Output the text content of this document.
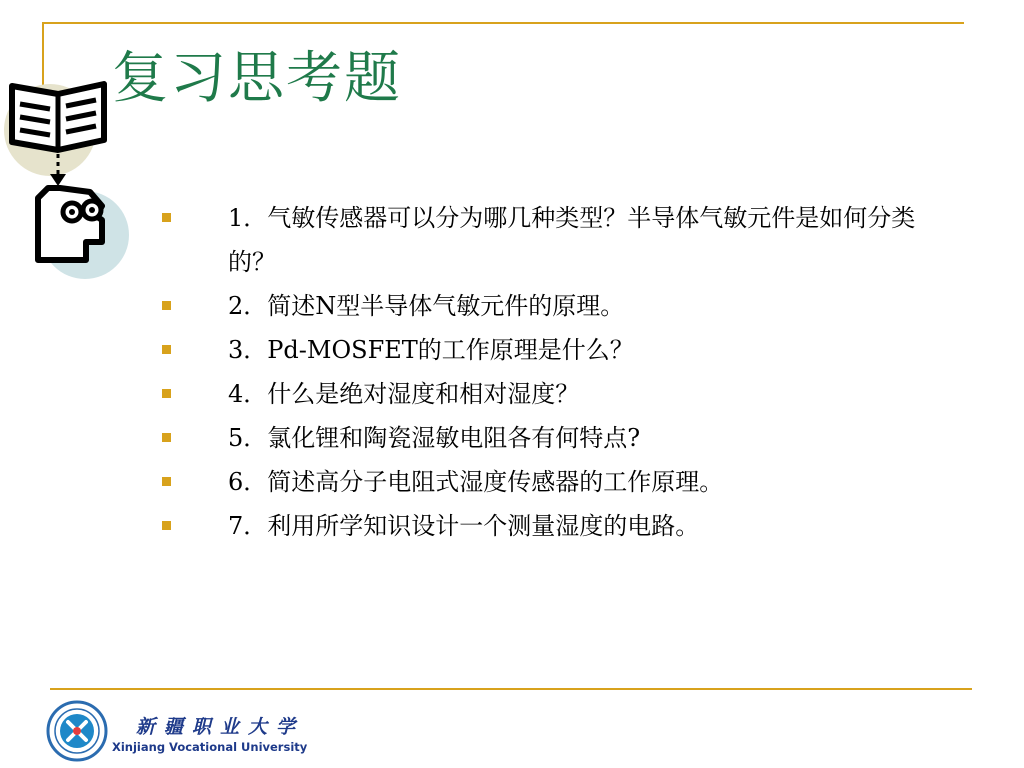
复习思考题
1．气敏传感器可以分为哪几种类型？半导体气敏元件是如何分类的？
2．简述N型半导体气敏元件的原理。
3．Pd-MOSFET的工作原理是什么？
4．什么是绝对湿度和相对湿度？
5．氯化锂和陶瓷湿敏电阻各有何特点?
6．简述高分子电阻式湿度传感器的工作原理。
7．利用所学知识设计一个测量湿度的电路。
新疆职业大学
Xinjiang Vocational University
